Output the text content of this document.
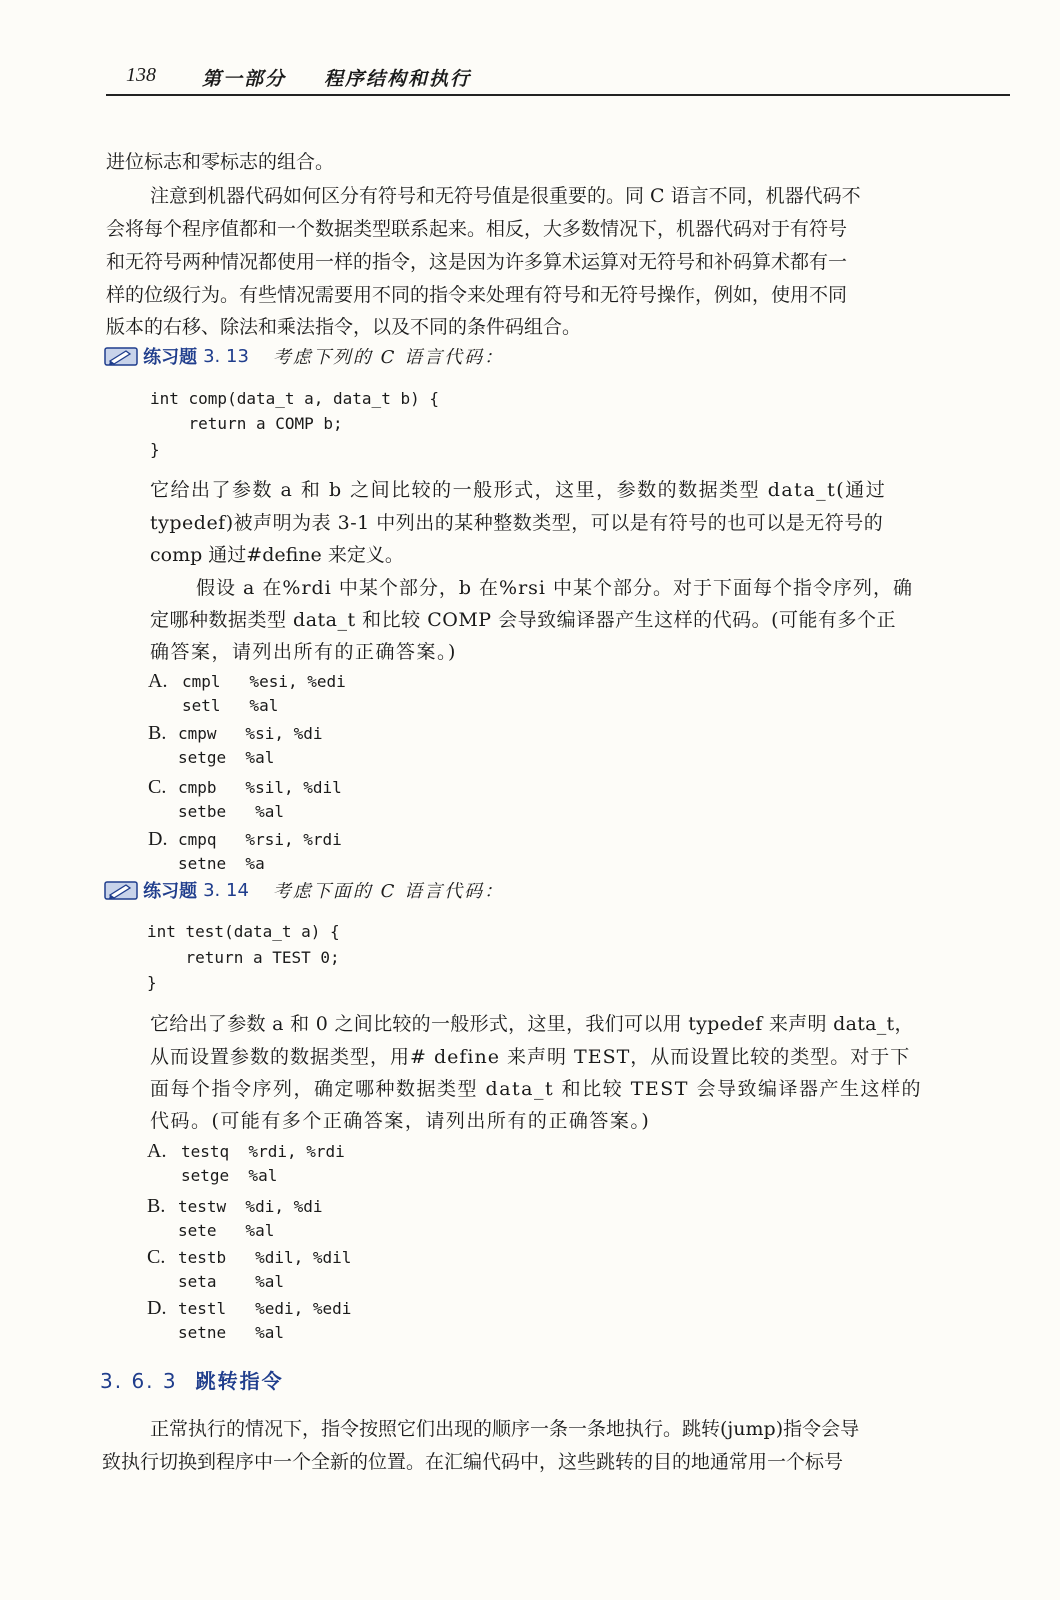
138 第一部分 程序结构和执行
进位标志和零标志的组合。
注意到机器代码如何区分有符号和无符号值是很重要的。同 C 语言不同，机器代码不
会将每个程序值都和一个数据类型联系起来。相反，大多数情况下，机器代码对于有符号
和无符号两种情况都使用一样的指令，这是因为许多算术运算对无符号和补码算术都有一
样的位级行为。有些情况需要用不同的指令来处理有符号和无符号操作，例如，使用不同
版本的右移、除法和乘法指令，以及不同的条件码组合。
练习题 3. 13 考虑下列的 C 语言代码：
int comp(data_t a, data_t b) {
return a COMP b;
}
它给出了参数 a 和 b 之间比较的一般形式，这里，参数的数据类型 data_t(通过
typedef)被声明为表 3-1 中列出的某种整数类型，可以是有符号的也可以是无符号的
comp 通过#define 来定义。
假设 a 在%rdi 中某个部分，b 在%rsi 中某个部分。对于下面每个指令序列，确
定哪种数据类型 data_t 和比较 COMP 会导致编译器产生这样的代码。(可能有多个正
确答案，请列出所有的正确答案。)
A. cmpl   %esi, %edi
setl   %al
B. cmpw   %si, %di
setge  %al
C. cmpb   %sil, %dil
setbe   %al
D. cmpq   %rsi, %rdi
setne  %a
练习题 3. 14 考虑下面的 C 语言代码：
int test(data_t a) {
return a TEST 0;
}
它给出了参数 a 和 0 之间比较的一般形式，这里，我们可以用 typedef 来声明 data_t，
从而设置参数的数据类型，用# define 来声明 TEST，从而设置比较的类型。对于下
面每个指令序列，确定哪种数据类型 data_t 和比较 TEST 会导致编译器产生这样的
代码。(可能有多个正确答案，请列出所有的正确答案。)
A. testq  %rdi, %rdi
setge  %al
B. testw  %di, %di
sete   %al
C. testb   %dil, %dil
seta    %al
D. testl   %edi, %edi
setne   %al
3. 6. 3 跳转指令
正常执行的情况下，指令按照它们出现的顺序一条一条地执行。跳转(jump)指令会导
致执行切换到程序中一个全新的位置。在汇编代码中，这些跳转的目的地通常用一个标号
